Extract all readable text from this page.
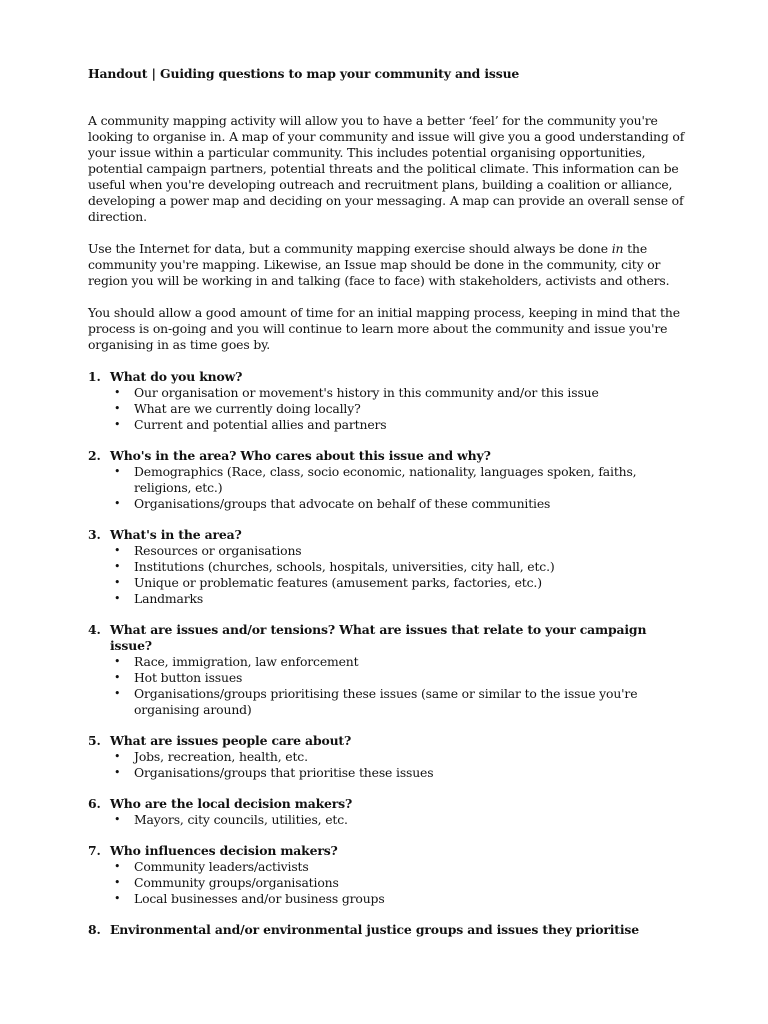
Handout | Guiding questions to map your community and issue

A community mapping activity will allow you to have a better ‘feel’ for the community you're looking to organise in. A map of your community and issue will give you a good understanding of your issue within a particular community. This includes potential organising opportunities, potential campaign partners, potential threats and the political climate. This information can be useful when you're developing outreach and recruitment plans, building a coalition or alliance, developing a power map and deciding on your messaging. A map can provide an overall sense of direction.

Use the Internet for data, but a community mapping exercise should always be done in the community you're mapping. Likewise, an Issue map should be done in the community, city or region you will be working in and talking (face to face) with stakeholders, activists and others.

You should allow a good amount of time for an initial mapping process, keeping in mind that the process is on-going and you will continue to learn more about the community and issue you're organising in as time goes by.

1. What do you know?
•	Our organisation or movement's history in this community and/or this issue
•	What are we currently doing locally?
•	Current and potential allies and partners
2. Who's in the area? Who cares about this issue and why?
•	Demographics (Race, class, socio economic, nationality, languages spoken, faiths, religions, etc.)
•	Organisations/groups that advocate on behalf of these communities
3. What's in the area?
•	Resources or organisations
•	Institutions (churches, schools, hospitals, universities, city hall, etc.)
•	Unique or problematic features (amusement parks, factories, etc.)
•	Landmarks
4. What are issues and/or tensions? What are issues that relate to your campaign issue?
•	Race, immigration, law enforcement
•	Hot button issues
•	Organisations/groups prioritising these issues (same or similar to the issue you're organising around)
5. What are issues people care about?
•	Jobs, recreation, health, etc.
•	Organisations/groups that prioritise these issues
6. Who are the local decision makers?
•	Mayors, city councils, utilities, etc.
7. Who influences decision makers?
•	Community leaders/activists
•	Community groups/organisations
•	Local businesses and/or business groups
8. Environmental and/or environmental justice groups and issues they prioritise
